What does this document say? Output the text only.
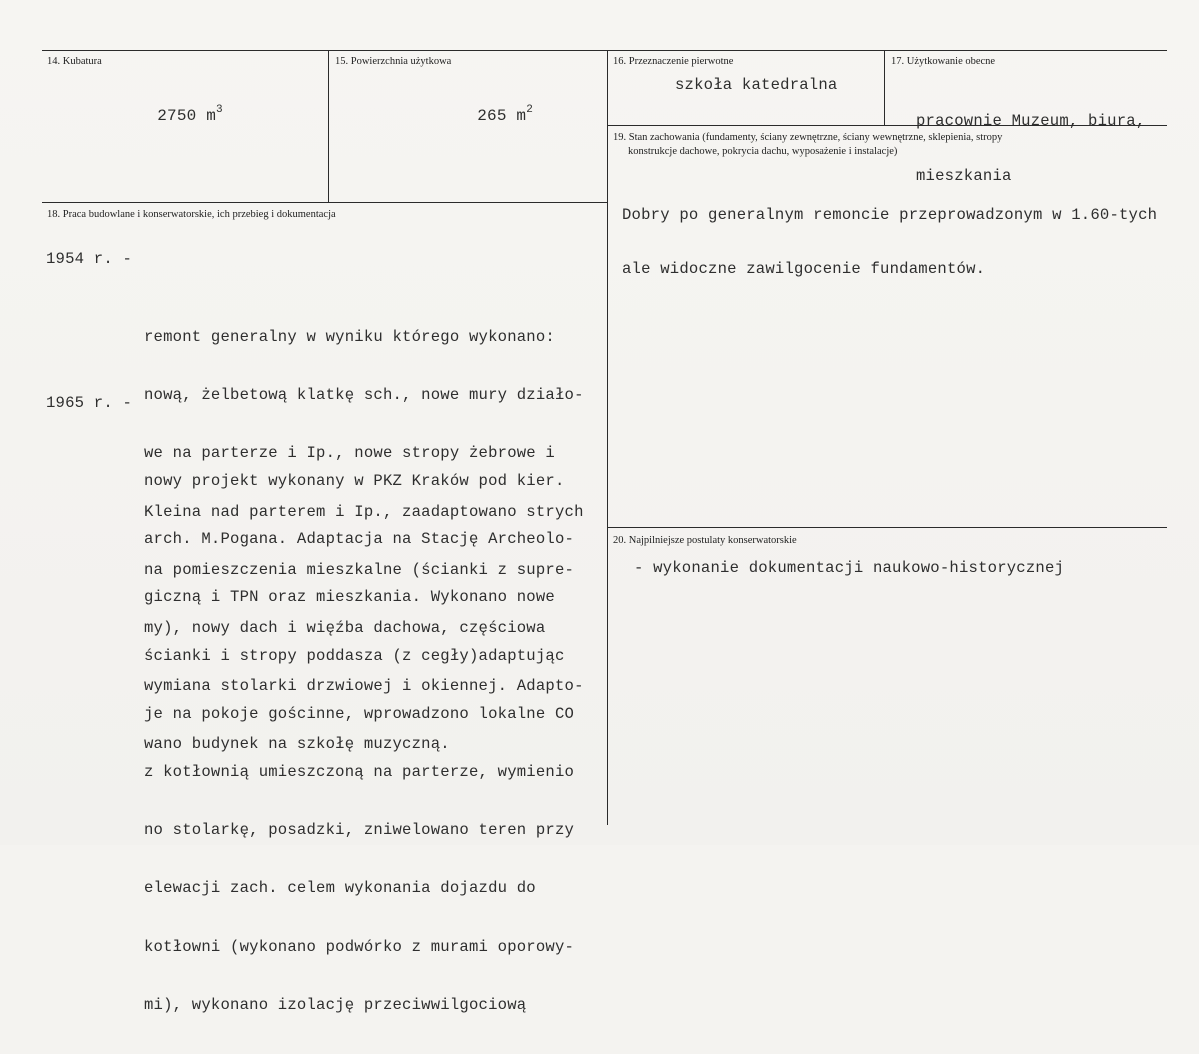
14. Kubatura

2750 $m^3$

15. Powierzchnia użytkowa

265 $m^2$

16. Przeznaczenie pierwotne
szkoła katedralna
17. Użytkowanie obecne

pracownie Muzeum, biura,

mieszkania

19. Stan zachowania (fundamenty, ściany zewnętrzne, ściany wewnętrzne, sklepienia, stropy
konstrukcje dachowe, pokrycia dachu, wyposażenie i instalacje)

Dobry po generalnym remoncie przeprowadzonym w 1.60-tych

ale widoczne zawilgocenie fundamentów.

18. Praca budowlane i konserwatorskie, ich przebieg i dokumentacja

1954 r. -

remont generalny w wyniku którego wykonano:

nową, żelbetową klatkę sch., nowe mury działo-

we na parterze i Ip., nowe stropy żebrowe i

Kleina nad parterem i Ip., zaadaptowano strych

na pomieszczenia mieszkalne (ścianki z supre-

my), nowy dach i więźba dachowa, częściowa

wymiana stolarki drzwiowej i okiennej. Adapto-

wano budynek na szkołę muzyczną.

1965 r. -

nowy projekt wykonany w PKZ Kraków pod kier.

arch. M.Pogana. Adaptacja na Stację Archeolo-

giczną i TPN oraz mieszkania. Wykonano nowe

ścianki i stropy poddasza (z cegły)adaptując

je na pokoje gościnne, wprowadzono lokalne CO

z kotłownią umieszczoną na parterze, wymienio

no stolarkę, posadzki, zniwelowano teren przy

elewacji zach. celem wykonania dojazdu do

kotłowni (wykonano podwórko z murami oporowy-

mi), wykonano izolację przeciwwilgociową

20. Najpilniejsze postulaty konserwatorskie
- wykonanie dokumentacji naukowo-historycznej
